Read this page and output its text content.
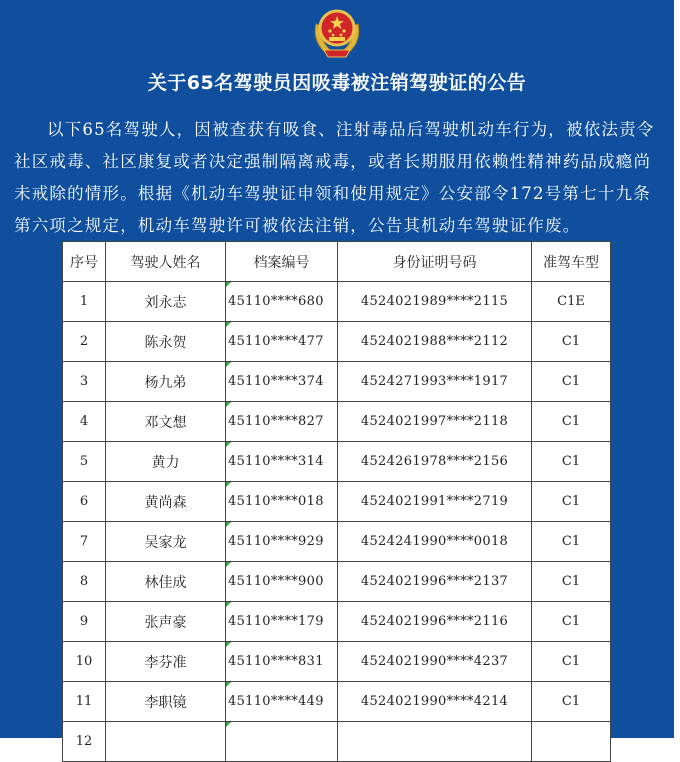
关于65名驾驶员因吸毒被注销驾驶证的公告

以下65名驾驶人，因被查获有吸食、注射毒品后驾驶机动车行为，被依法责令社区戒毒、社区康复或者决定强制隔离戒毒，或者长期服用依赖性精神药品成瘾尚未戒除的情形。根据《机动车驾驶证申领和使用规定》公安部令172号第七十九条第六项之规定，机动车驾驶许可被依法注销，公告其机动车驾驶证作废。

序号	驾驶人姓名	档案编号	身份证明号码	准驾车型
1	刘永志	45110****680	4524021989****2115	C1E
2	陈永贺	45110****477	4524021988****2112	C1
3	杨九弟	45110****374	4524271993****1917	C1
4	邓文想	45110****827	4524021997****2118	C1
5	黄力	45110****314	4524261978****2156	C1
6	黄尚森	45110****018	4524021991****2719	C1
7	吴家龙	45110****929	4524241990****0018	C1
8	林佳成	45110****900	4524021996****2137	C1
9	张声豪	45110****179	4524021996****2116	C1
10	李芬准	45110****831	4524021990****4237	C1
11	李职镜	45110****449	4524021990****4214	C1
12				
